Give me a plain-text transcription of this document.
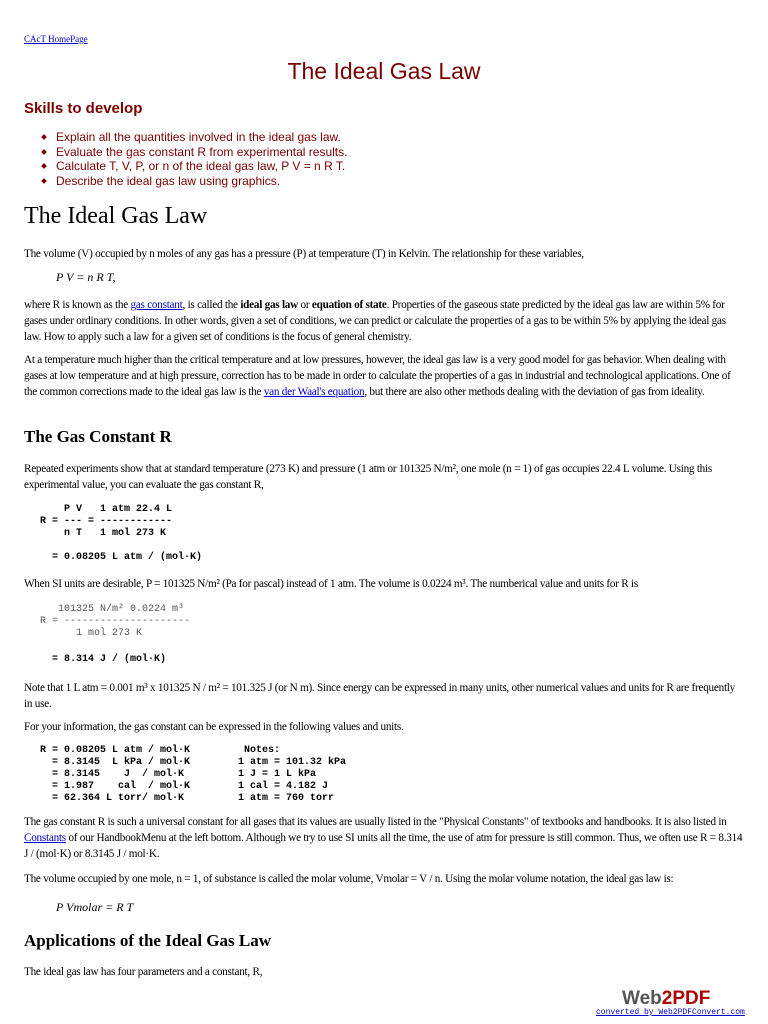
CAcT HomePage
The Ideal Gas Law
Skills to develop
Explain all the quantities involved in the ideal gas law.
Evaluate the gas constant R from experimental results.
Calculate T, V, P, or n of the ideal gas law, P V = n R T.
Describe the ideal gas law using graphics.
The Ideal Gas Law
The volume (V) occupied by n moles of any gas has a pressure (P) at temperature (T) in Kelvin. The relationship for these variables,
P V = n R T,
where R is known as the gas constant, is called the ideal gas law or equation of state. Properties of the gaseous state predicted by the ideal gas law are within 5% for gases under ordinary conditions. In other words, given a set of conditions, we can predict or calculate the properties of a gas to be within 5% by applying the ideal gas law. How to apply such a law for a given set of conditions is the focus of general chemistry.
At a temperature much higher than the critical temperature and at low pressures, however, the ideal gas law is a very good model for gas behavior. When dealing with gases at low temperature and at high pressure, correction has to be made in order to calculate the properties of a gas in industrial and technological applications. One of the common corrections made to the ideal gas law is the van der Waal's equation, but there are also other methods dealing with the deviation of gas from ideality.
The Gas Constant R
Repeated experiments show that at standard temperature (273 K) and pressure (1 atm or 101325 N/m², one mole (n = 1) of gas occupies 22.4 L volume. Using this experimental value, you can evaluate the gas constant R,
P V   1 atm 22.4 L
R = --- = ------------
n T   1 mol 273 K

= 0.08205 L atm / (mol·K)
When SI units are desirable, P = 101325 N/m² (Pa for pascal) instead of 1 atm. The volume is 0.0224 m³. The numberical value and units for R is
101325 N/m² 0.0224 m³
R = ---------------------
1 mol 273 K
= 8.314 J / (mol·K)
Note that 1 L atm = 0.001 m³ x 101325 N / m² = 101.325 J (or N m). Since energy can be expressed in many units, other numerical values and units for R are frequently in use.
For your information, the gas constant can be expressed in the following values and units.
R = 0.08205 L atm / mol·K         Notes:
= 8.3145  L kPa / mol·K        1 atm = 101.32 kPa
= 8.3145    J  / mol·K         1 J = 1 L kPa
= 1.987    cal  / mol·K        1 cal = 4.182 J
= 62.364 L torr/ mol·K         1 atm = 760 torr
The gas constant R is such a universal constant for all gases that its values are usually listed in the "Physical Constants" of textbooks and handbooks. It is also listed in Constants of our HandbookMenu at the left bottom. Although we try to use SI units all the time, the use of atm for pressure is still common. Thus, we often use R = 8.314 J / (mol·K) or 8.3145 J / mol·K.
The volume occupied by one mole, n = 1, of substance is called the molar volume, Vmolar = V / n. Using the molar volume notation, the ideal gas law is:
P Vmolar = R T
Applications of the Ideal Gas Law
The ideal gas law has four parameters and a constant, R,
Web2PDF
converted by Web2PDFConvert.com
